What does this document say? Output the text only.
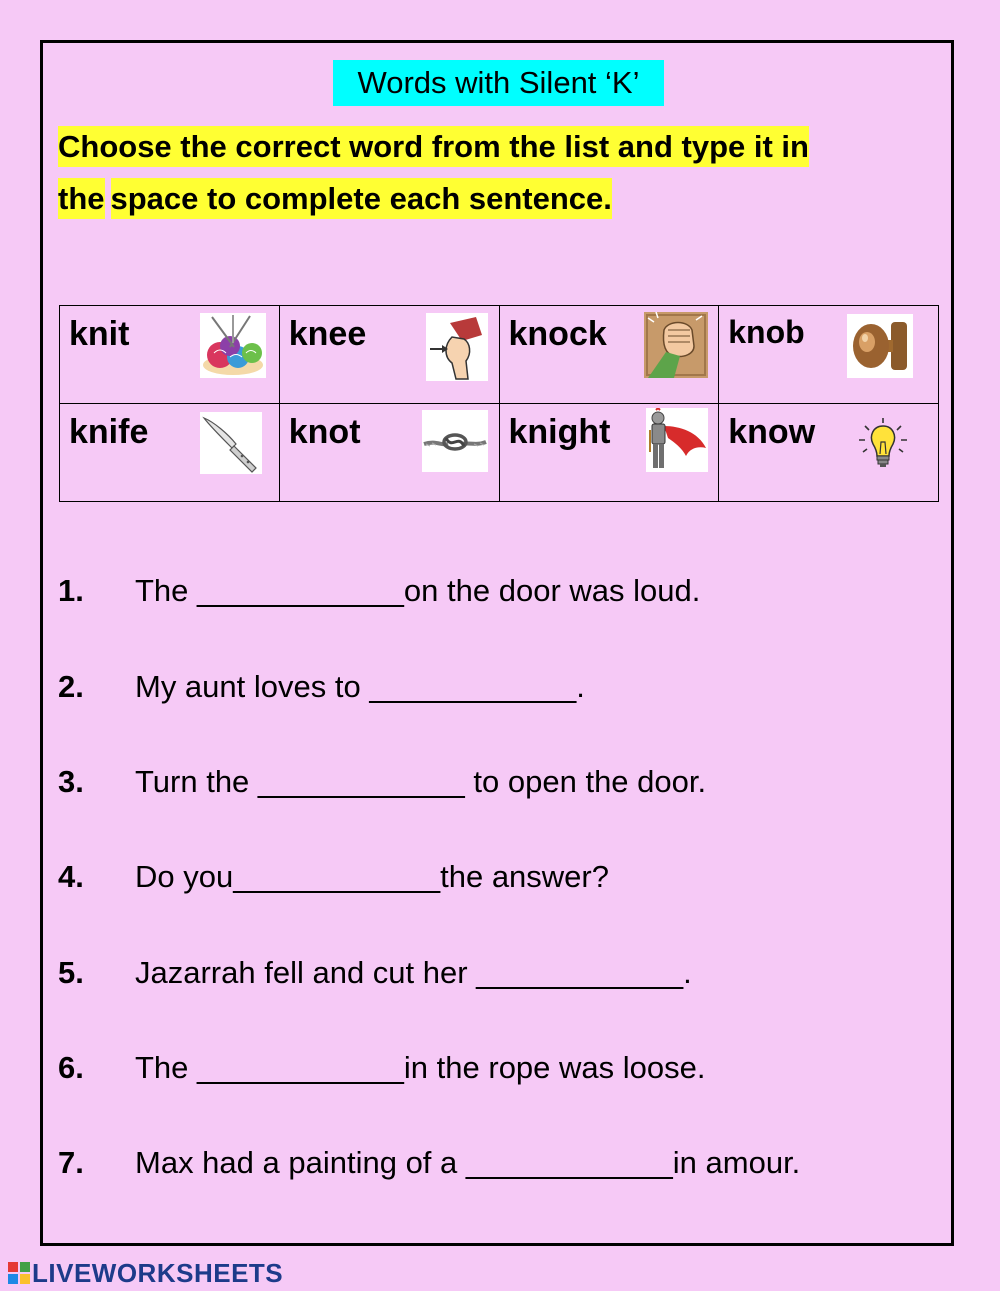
Words with Silent ‘K’
Choose the correct word from the list and type it in
the space to complete each sentence.
knit	knee	knock	knob

knife	knot	knight	know
1. The ____________on the door was loud.
2. My aunt loves to ____________.
3. Turn the ____________ to open the door.
4. Do you____________the answer?
5. Jazarrah fell and cut her ____________.
6. The ____________in the rope was loose.
7. Max had a painting of a ____________in amour.
LIVEWORKSHEETS
